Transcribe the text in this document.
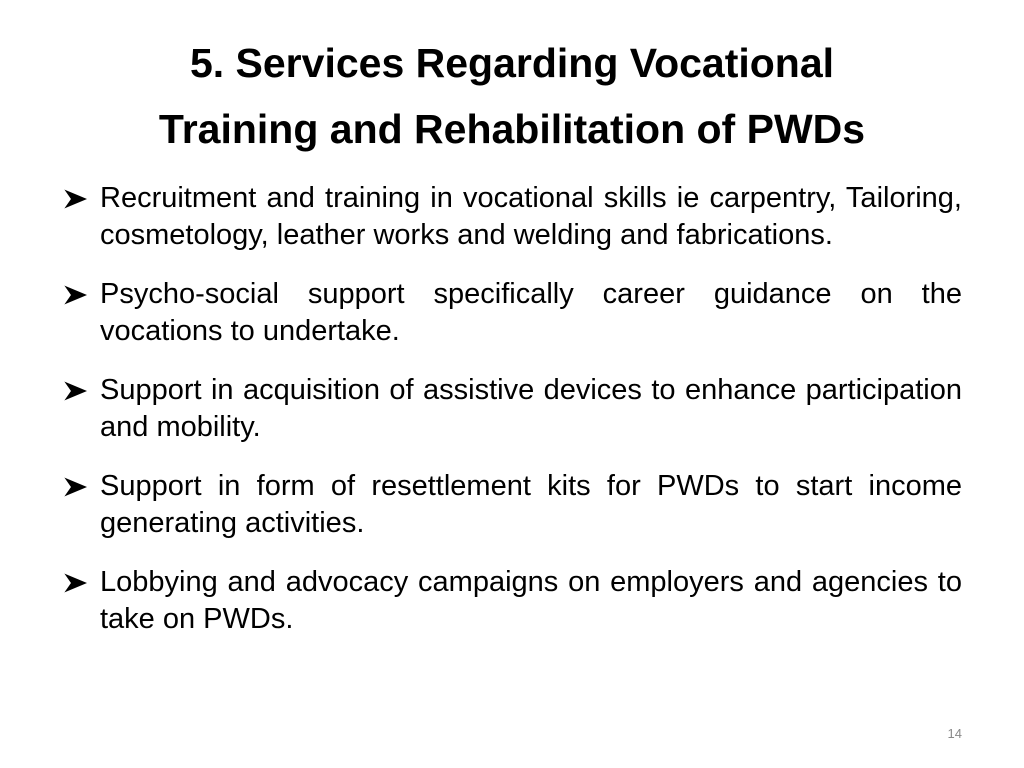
5. Services Regarding Vocational
Training and Rehabilitation of PWDs
Recruitment and training in vocational skills ie carpentry, Tailoring, cosmetology, leather works and welding and fabrications.
Psycho-social support specifically career guidance on the vocations to undertake.
Support in acquisition of assistive devices to enhance participation and mobility.
Support in form of resettlement kits for PWDs to start income generating activities.
Lobbying and advocacy campaigns on employers and agencies to take on PWDs.
14
